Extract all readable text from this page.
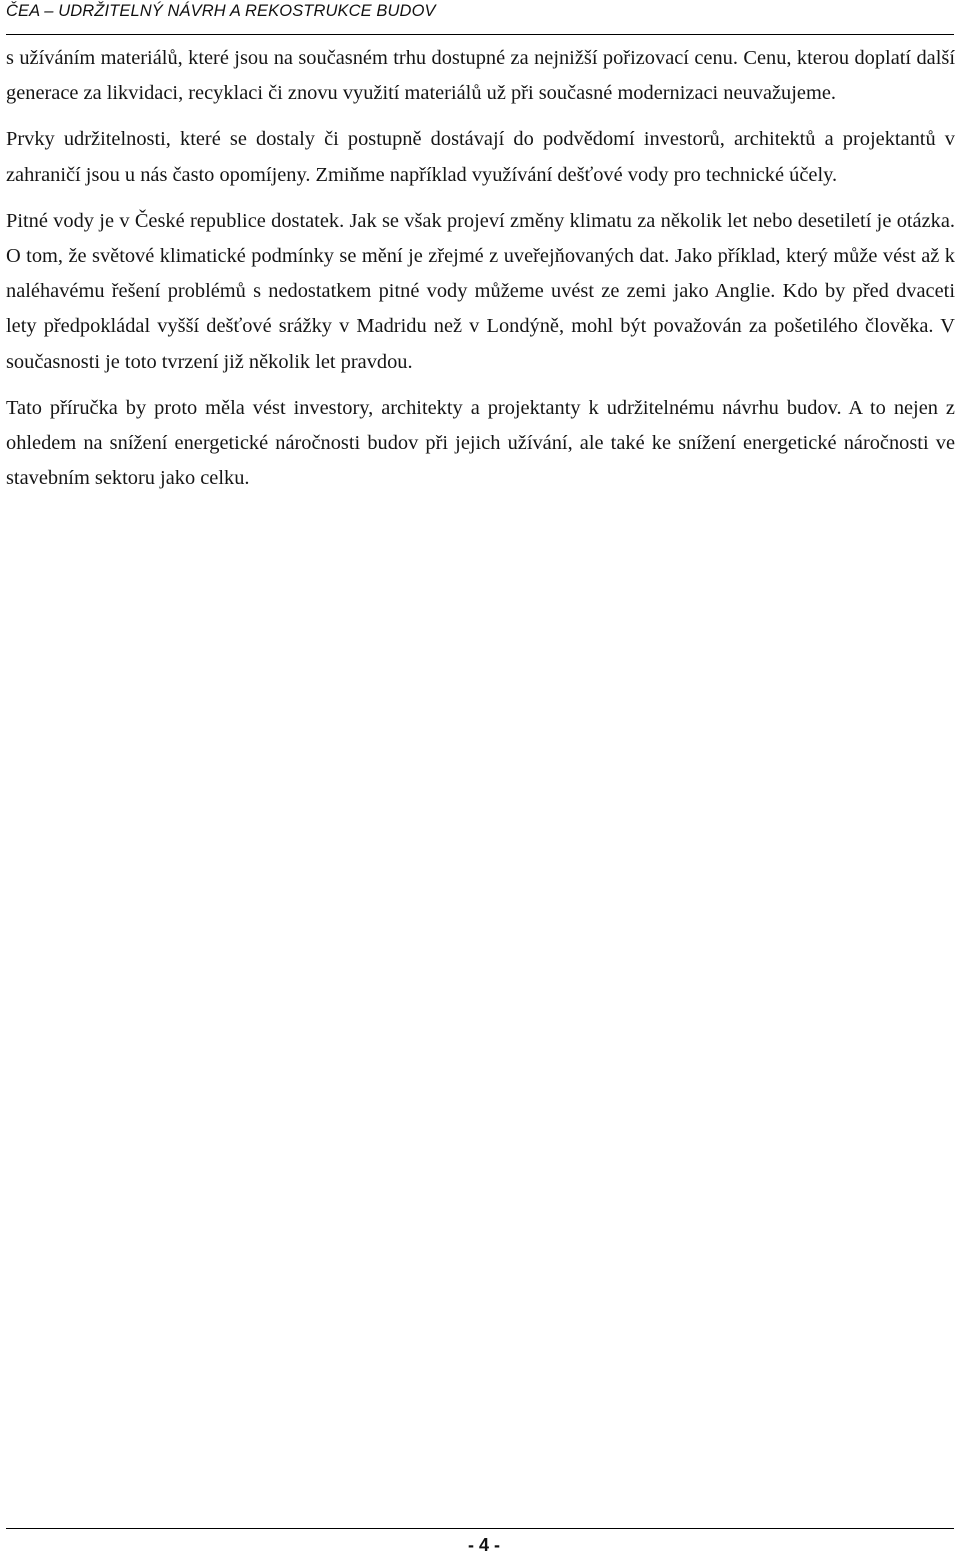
ČEA – UDRŽITELNÝ NÁVRH A REKOSTRUKCE BUDOV

s užíváním materiálů, které jsou na současném trhu dostupné za nejnižší pořizovací cenu. Cenu, kterou doplatí další generace za likvidaci, recyklaci či znovu využití materiálů už při současné modernizaci neuvažujeme.

Prvky udržitelnosti, které se dostaly či postupně dostávají do podvědomí investorů, architektů a projektantů v zahraničí jsou u nás často opomíjeny. Zmiňme například využívání dešťové vody pro technické účely.

Pitné vody je v České republice dostatek. Jak se však projeví změny klimatu za několik let nebo desetiletí je otázka. O tom, že světové klimatické podmínky se mění je zřejmé z uveřejňovaných dat. Jako příklad, který může vést až k naléhavému řešení problémů s nedostatkem pitné vody můžeme uvést ze zemi jako Anglie. Kdo by před dvaceti lety předpokládal vyšší dešťové srážky v Madridu než v Londýně, mohl být považován za pošetilého člověka. V současnosti je toto tvrzení již několik let pravdou.

Tato příručka by proto měla vést investory, architekty a projektanty k udržitelnému návrhu budov. A to nejen z ohledem na snížení energetické náročnosti budov při jejich užívání, ale také ke snížení energetické náročnosti ve stavebním sektoru jako celku.

- 4 -
